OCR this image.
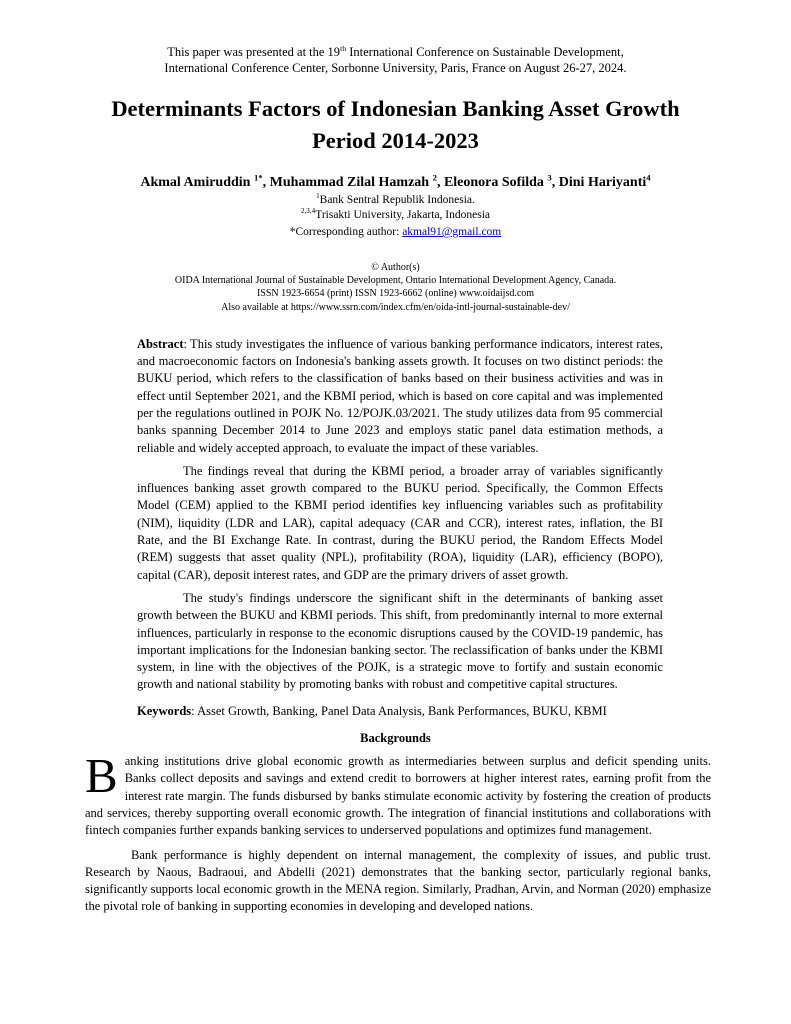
This paper was presented at the 19th International Conference on Sustainable Development,
International Conference Center, Sorbonne University, Paris, France on August 26-27, 2024.
Determinants Factors of Indonesian Banking Asset Growth
Period 2014-2023
Akmal Amiruddin $^{1*}$, Muhammad Zilal Hamzah $^2$, Eleonora Sofilda $^3$, Dini Hariyanti$^4$
$^1$Bank Sentral Republik Indonesia.
$^{2,3,4}$Trisakti University, Jakarta, Indonesia
*Corresponding author: akmal91@gmail.com
© Author(s)
OIDA International Journal of Sustainable Development, Ontario International Development Agency, Canada.
ISSN 1923-6654 (print) ISSN 1923-6662 (online) www.oidaijsd.com
Also available at https://www.ssrn.com/index.cfm/en/oida-intl-journal-sustainable-dev/

Abstract: This study investigates the influence of various banking performance indicators, interest rates, and macroeconomic factors on Indonesia's banking assets growth. It focuses on two distinct periods: the BUKU period, which refers to the classification of banks based on their business activities and was in effect until September 2021, and the KBMI period, which is based on core capital and was implemented per the regulations outlined in POJK No. 12/POJK.03/2021. The study utilizes data from 95 commercial banks spanning December 2014 to June 2023 and employs static panel data estimation methods, a reliable and widely accepted approach, to evaluate the impact of these variables.

The findings reveal that during the KBMI period, a broader array of variables significantly influences banking asset growth compared to the BUKU period. Specifically, the Common Effects Model (CEM) applied to the KBMI period identifies key influencing variables such as profitability (NIM), liquidity (LDR and LAR), capital adequacy (CAR and CCR), interest rates, inflation, the BI Rate, and the BI Exchange Rate. In contrast, during the BUKU period, the Random Effects Model (REM) suggests that asset quality (NPL), profitability (ROA), liquidity (LAR), efficiency (BOPO), capital (CAR), deposit interest rates, and GDP are the primary drivers of asset growth.

The study's findings underscore the significant shift in the determinants of banking asset growth between the BUKU and KBMI periods. This shift, from predominantly internal to more external influences, particularly in response to the economic disruptions caused by the COVID-19 pandemic, has important implications for the Indonesian banking sector. The reclassification of banks under the KBMI system, in line with the objectives of the POJK, is a strategic move to fortify and sustain economic growth and national stability by promoting banks with robust and competitive capital structures.

Keywords: Asset Growth, Banking, Panel Data Analysis, Bank Performances, BUKU, KBMI
Backgrounds

Banking institutions drive global economic growth as intermediaries between surplus and deficit spending units. Banks collect deposits and savings and extend credit to borrowers at higher interest rates, earning profit from the interest rate margin. The funds disbursed by banks stimulate economic activity by fostering the creation of products and services, thereby supporting overall economic growth. The integration of financial institutions and collaborations with fintech companies further expands banking services to underserved populations and optimizes fund management.

Bank performance is highly dependent on internal management, the complexity of issues, and public trust. Research by Naous, Badraoui, and Abdelli (2021) demonstrates that the banking sector, particularly regional banks, significantly supports local economic growth in the MENA region. Similarly, Pradhan, Arvin, and Norman (2020) emphasize the pivotal role of banking in supporting economies in developing and developed nations.
